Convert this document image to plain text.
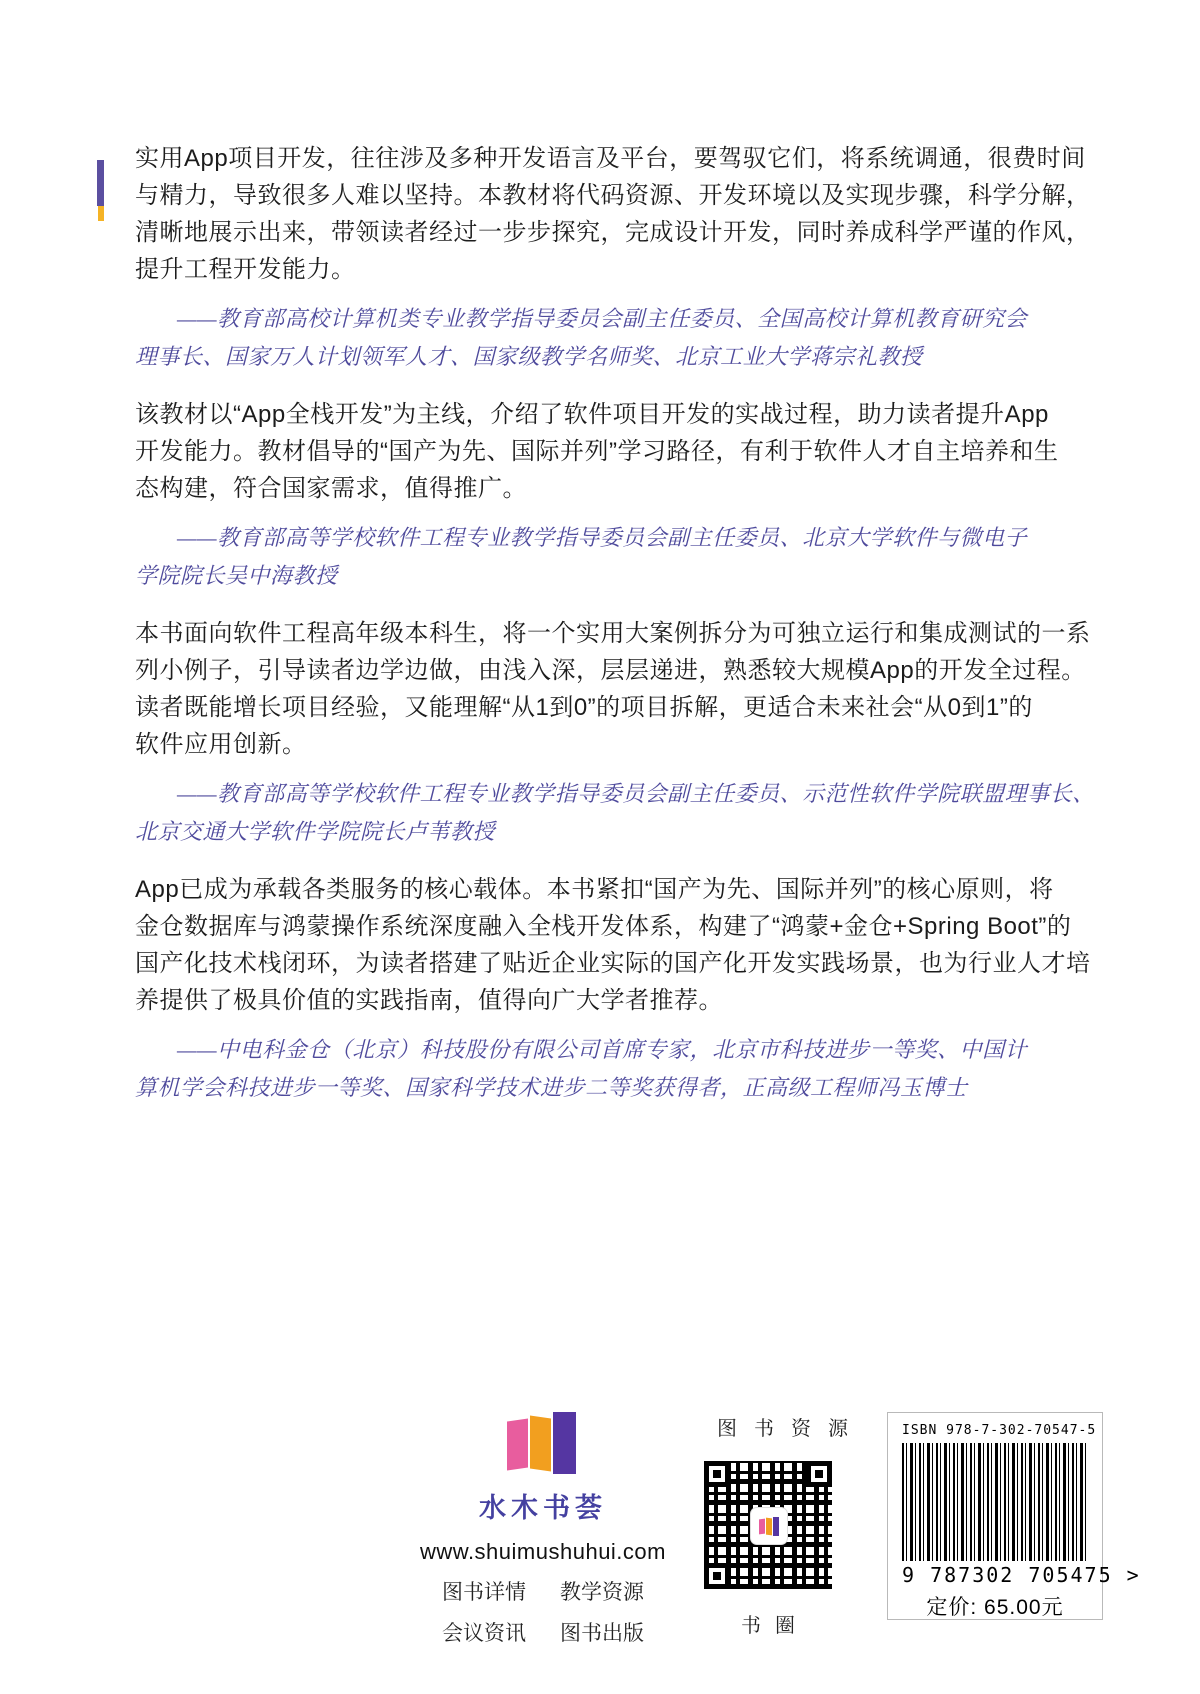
实用App项目开发，往往涉及多种开发语言及平台，要驾驭它们，将系统调通，很费时间
与精力，导致很多人难以坚持。本教材将代码资源、开发环境以及实现步骤，科学分解，
清晰地展示出来，带领读者经过一步步探究，完成设计开发，同时养成科学严谨的作风，
提升工程开发能力。
——教育部高校计算机类专业教学指导委员会副主任委员、全国高校计算机教育研究会
理事长、国家万人计划领军人才、国家级教学名师奖、北京工业大学蒋宗礼教授
该教材以“App全栈开发”为主线，介绍了软件项目开发的实战过程，助力读者提升App
开发能力。教材倡导的“国产为先、国际并列”学习路径，有利于软件人才自主培养和生
态构建，符合国家需求，值得推广。
——教育部高等学校软件工程专业教学指导委员会副主任委员、北京大学软件与微电子
学院院长吴中海教授
本书面向软件工程高年级本科生，将一个实用大案例拆分为可独立运行和集成测试的一系
列小例子，引导读者边学边做，由浅入深，层层递进，熟悉较大规模App的开发全过程。
读者既能增长项目经验，又能理解“从1到0”的项目拆解，更适合未来社会“从0到1”的
软件应用创新。
——教育部高等学校软件工程专业教学指导委员会副主任委员、示范性软件学院联盟理事长、
北京交通大学软件学院院长卢苇教授
App已成为承载各类服务的核心载体。本书紧扣“国产为先、国际并列”的核心原则，将
金仓数据库与鸿蒙操作系统深度融入全栈开发体系，构建了“鸿蒙+金仓+Spring Boot”的
国产化技术栈闭环，为读者搭建了贴近企业实际的国产化开发实践场景，也为行业人才培
养提供了极具价值的实践指南，值得向广大学者推荐。
——中电科金仓（北京）科技股份有限公司首席专家，北京市科技进步一等奖、中国计
算机学会科技进步一等奖、国家科学技术进步二等奖获得者，正高级工程师冯玉博士
水木书荟
www.shuimushuhui.com
图书详情 教学资源
会议资讯 图书出版
图书资源
书圈
ISBN 978-7-302-70547-5
9 787302 705475 >
定价: 65.00元
